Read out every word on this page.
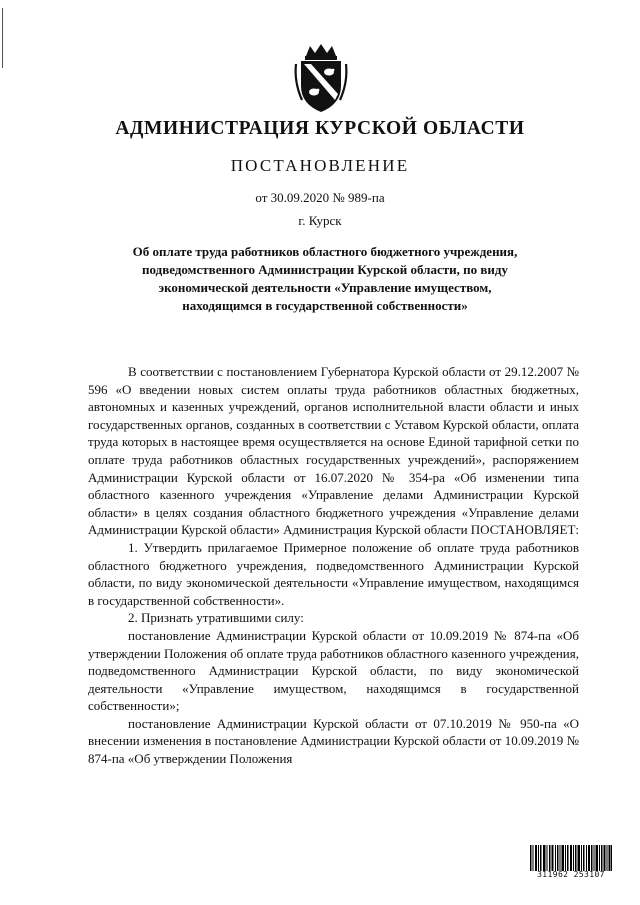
АДМИНИСТРАЦИЯ КУРСКОЙ ОБЛАСТИ
ПОСТАНОВЛЕНИЕ
от 30.09.2020 № 989-па
г. Курск
Об оплате труда работников областного бюджетного учреждения, подведомственного Администрации Курской области, по виду экономической деятельности «Управление имуществом, находящимся в государственной собственности»

В соответствии с постановлением Губернатора Курской области от 29.12.2007 № 596 «О введении новых систем оплаты труда работников областных бюджетных, автономных и казенных учреждений, органов исполнительной власти области и иных государственных органов, созданных в соответствии с Уставом Курской области, оплата труда которых в настоящее время осуществляется на основе Единой тарифной сетки по оплате труда работников областных государственных учреждений», распоряжением Администрации Курской области от 16.07.2020 № 354-ра «Об изменении типа областного казенного учреждения «Управление делами Администрации Курской области» в целях создания областного бюджетного учреждения «Управление делами Администрации Курской области» Администрация Курской области ПОСТАНОВЛЯЕТ:

1. Утвердить прилагаемое Примерное положение об оплате труда работников областного бюджетного учреждения, подведомственного Администрации Курской области, по виду экономической деятельности «Управление имуществом, находящимся в государственной собственности».

2. Признать утратившими силу:

постановление Администрации Курской области от 10.09.2019 № 874-па «Об утверждении Положения об оплате труда работников областного казенного учреждения, подведомственного Администрации Курской области, по виду экономической деятельности «Управление имуществом, находящимся в государственной собственности»;

постановление Администрации Курской области от 07.10.2019 № 950-па «О внесении изменения в постановление Администрации Курской области от 10.09.2019 № 874-па «Об утверждении Положения

311962 253107
